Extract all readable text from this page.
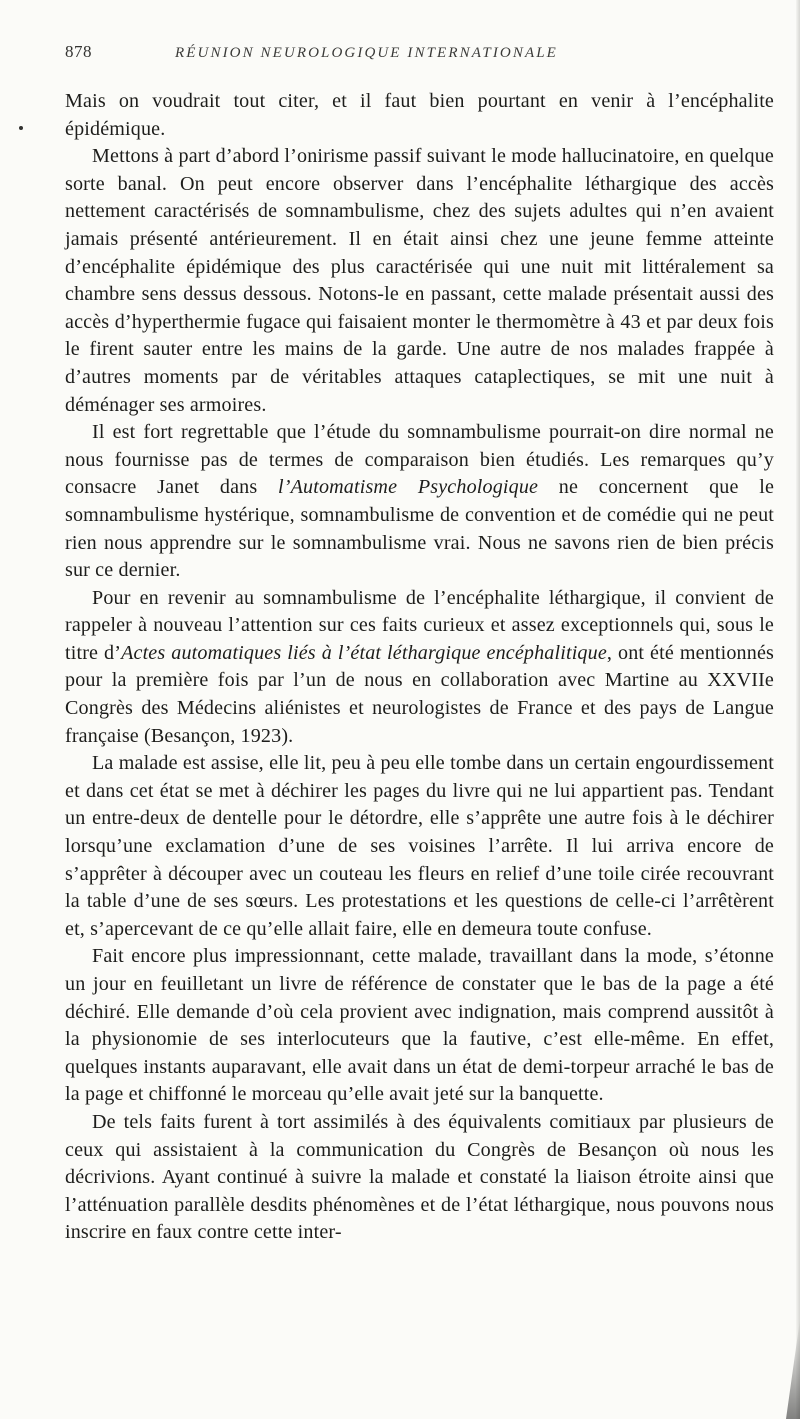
878	RÉUNION NEUROLOGIQUE INTERNATIONALE

Mais on voudrait tout citer, et il faut bien pourtant en venir à l’encéphalite épidémique.

Mettons à part d’abord l’onirisme passif suivant le mode hallucinatoire, en quelque sorte banal. On peut encore observer dans l’encéphalite léthargique des accès nettement caractérisés de somnambulisme, chez des sujets adultes qui n’en avaient jamais présenté antérieurement. Il en était ainsi chez une jeune femme atteinte d’encéphalite épidémique des plus caractérisée qui une nuit mit littéralement sa chambre sens dessus dessous. Notons-le en passant, cette malade présentait aussi des accès d’hyperthermie fugace qui faisaient monter le thermomètre à 43 et par deux fois le firent sauter entre les mains de la garde. Une autre de nos malades frappée à d’autres moments par de véritables attaques cataplectiques, se mit une nuit à déménager ses armoires.

Il est fort regrettable que l’étude du somnambulisme pourrait-on dire normal ne nous fournisse pas de termes de comparaison bien étudiés. Les remarques qu’y consacre Janet dans l’Automatisme Psychologique ne concernent que le somnambulisme hystérique, somnambulisme de convention et de comédie qui ne peut rien nous apprendre sur le somnambulisme vrai. Nous ne savons rien de bien précis sur ce dernier.

Pour en revenir au somnambulisme de l’encéphalite léthargique, il convient de rappeler à nouveau l’attention sur ces faits curieux et assez exceptionnels qui, sous le titre d’Actes automatiques liés à l’état léthargique encéphalitique, ont été mentionnés pour la première fois par l’un de nous en collaboration avec Martine au XXVIIe Congrès des Médecins aliénistes et neurologistes de France et des pays de Langue française (Besançon, 1923).

La malade est assise, elle lit, peu à peu elle tombe dans un certain engourdissement et dans cet état se met à déchirer les pages du livre qui ne lui appartient pas. Tendant un entre-deux de dentelle pour le détordre, elle s’apprête une autre fois à le déchirer lorsqu’une exclamation d’une de ses voisines l’arrête. Il lui arriva encore de s’apprêter à découper avec un couteau les fleurs en relief d’une toile cirée recouvrant la table d’une de ses sœurs. Les protestations et les questions de celle-ci l’arrêtèrent et, s’apercevant de ce qu’elle allait faire, elle en demeura toute confuse.

Fait encore plus impressionnant, cette malade, travaillant dans la mode, s’étonne un jour en feuilletant un livre de référence de constater que le bas de la page a été déchiré. Elle demande d’où cela provient avec indignation, mais comprend aussitôt à la physionomie de ses interlocuteurs que la fautive, c’est elle-même. En effet, quelques instants auparavant, elle avait dans un état de demi-torpeur arraché le bas de la page et chiffonné le morceau qu’elle avait jeté sur la banquette.

De tels faits furent à tort assimilés à des équivalents comitiaux par plusieurs de ceux qui assistaient à la communication du Congrès de Besançon où nous les décrivions. Ayant continué à suivre la malade et constaté la liaison étroite ainsi que l’atténuation parallèle desdits phénomènes et de l’état léthargique, nous pouvons nous inscrire en faux contre cette inter-
